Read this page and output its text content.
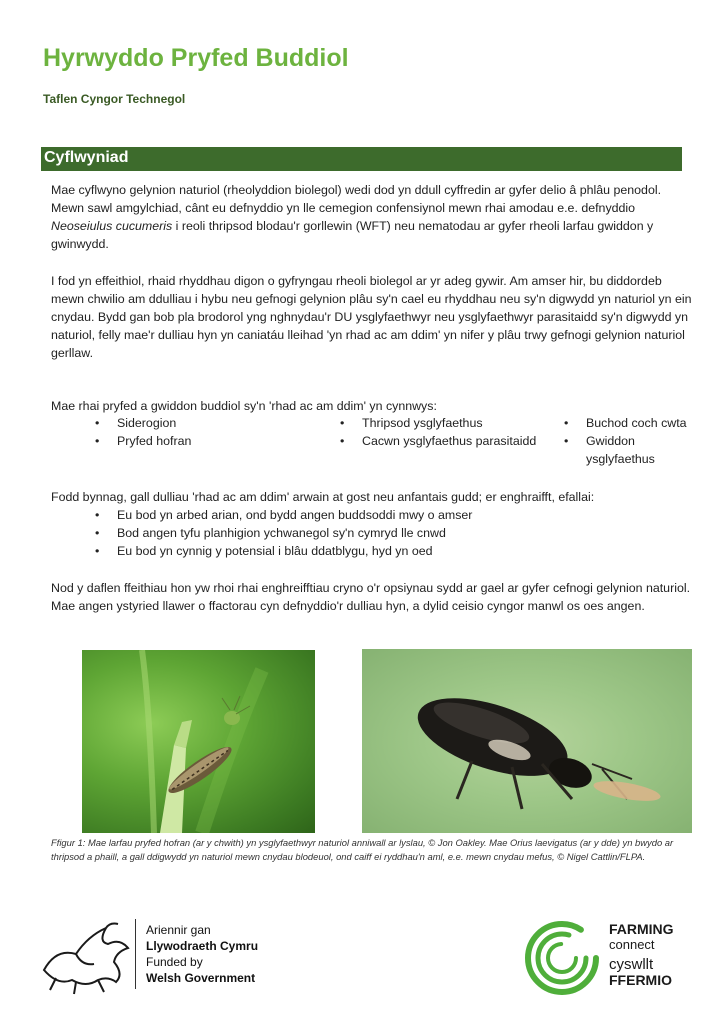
Hyrwyddo Pryfed Buddiol
Taflen Cyngor Technegol
Cyflwyniad
Mae cyflwyno gelynion naturiol (rheolyddion biolegol) wedi dod yn ddull cyffredin ar gyfer delio â phlâu penodol. Mewn sawl amgylchiad, cânt eu defnyddio yn lle cemegion confensiynol mewn rhai amodau e.e. defnyddio Neoseiulus cucumeris i reoli thripsod blodau'r gorllewin (WFT) neu nematodau ar gyfer rheoli larfau gwiddon y gwinwydd.
I fod yn effeithiol, rhaid rhyddhau digon o gyfryngau rheoli biolegol ar yr adeg gywir. Am amser hir, bu diddordeb mewn chwilio am ddulliau i hybu neu gefnogi gelynion plâu sy'n cael eu rhyddhau neu sy'n digwydd yn naturiol yn ein cnydau. Bydd gan bob pla brodorol yng nghnydau'r DU ysglyfaethwyr neu ysglyfaethwyr parasitaidd sy'n digwydd yn naturiol, felly mae'r dulliau hyn yn caniatáu lleihad 'yn rhad ac am ddim' yn nifer y plâu trwy gefnogi gelynion naturiol gerllaw.
Mae rhai pryfed a gwiddon buddiol sy'n 'rhad ac am ddim' yn cynnwys:
• Siderogion
• Pryfed hofran
• Thripsod ysglyfaethus
• Cacwn ysglyfaethus parasitaidd
• Buchod coch cwta
• Gwiddon ysglyfaethus
Fodd bynnag, gall dulliau 'rhad ac am ddim' arwain at gost neu anfantais gudd; er enghraifft, efallai:
• Eu bod yn arbed arian, ond bydd angen buddsoddi mwy o amser
• Bod angen tyfu planhigion ychwanegol sy'n cymryd lle cnwd
• Eu bod yn cynnig y potensial i blâu ddatblygu, hyd yn oed
Nod y daflen ffeithiau hon yw rhoi rhai enghreifftiau cryno o'r opsiynau sydd ar gael ar gyfer cefnogi gelynion naturiol. Mae angen ystyried llawer o ffactorau cyn defnyddio'r dulliau hyn, a dylid ceisio cyngor manwl os oes angen.
Ffigur 1: Mae larfau pryfed hofran (ar y chwith) yn ysglyfaethwyr naturiol anniwall ar lyslau, © Jon Oakley. Mae Orius laevigatus (ar y dde) yn bwydo ar thripsod a phaill, a gall ddigwydd yn naturiol mewn cnydau blodeuol, ond caiff ei ryddhau'n aml, e.e. mewn cnydau mefus, © Nigel Cattlin/FLPA.
Ariennir gan
Llywodraeth Cymru
Funded by
Welsh Government
FARMING
connect
cyswllt
FFERMIO
